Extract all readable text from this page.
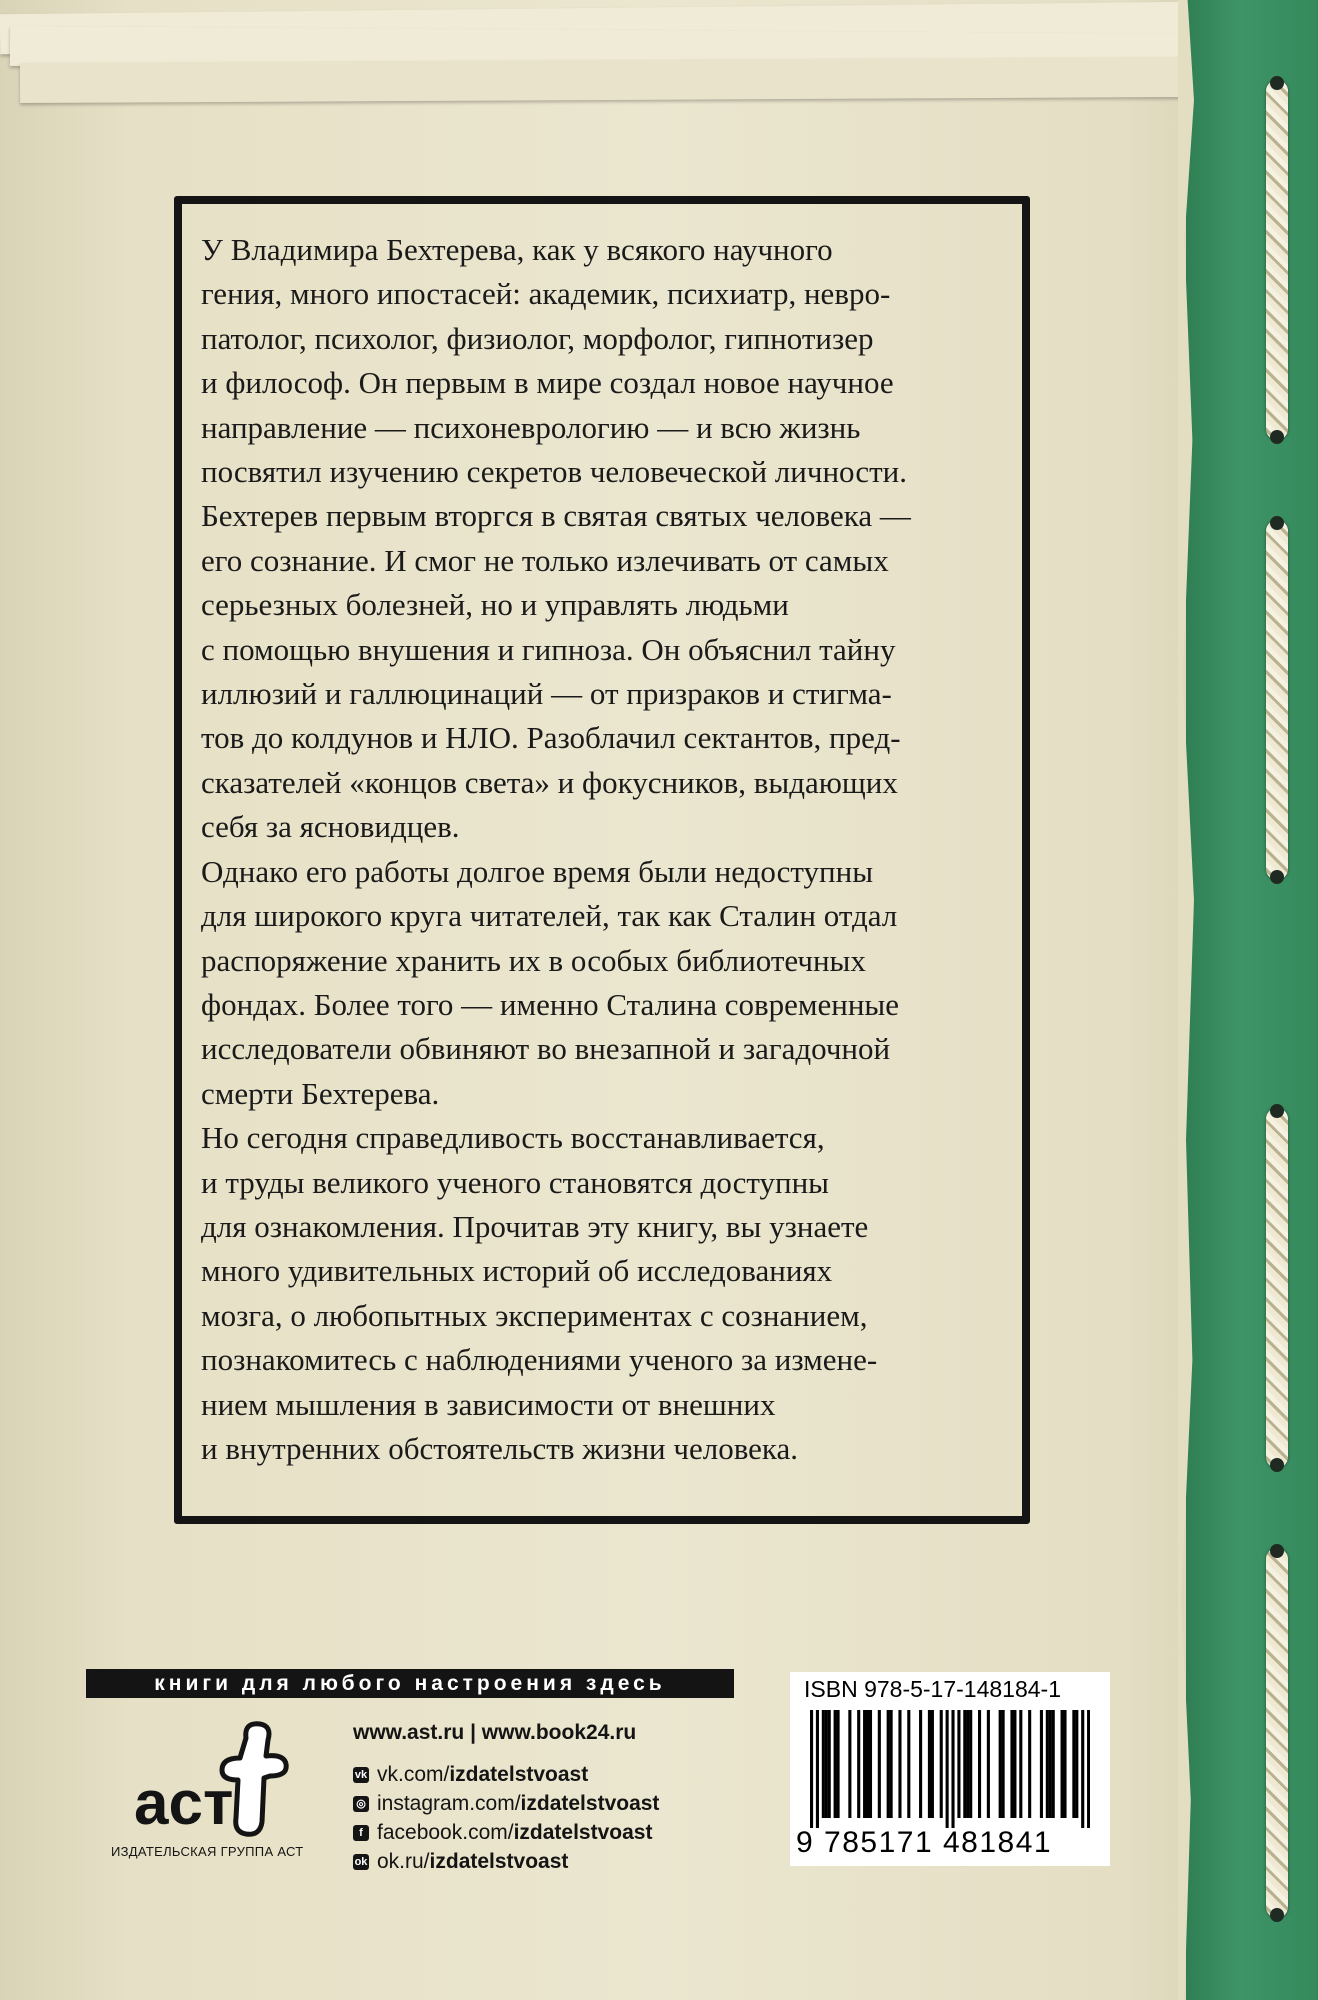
У Владимира Бехтерева, как у всякого научного
гения, много ипостасей: академик, психиатр, невро-
патолог, психолог, физиолог, морфолог, гипнотизер
и философ. Он первым в мире создал новое научное
направление — психоневрологию — и всю жизнь
посвятил изучению секретов человеческой личности.

Бехтерев первым вторгся в святая святых человека —
его сознание. И смог не только излечивать от самых
серьезных болезней, но и управлять людьми
с помощью внушения и гипноза. Он объяснил тайну
иллюзий и галлюцинаций — от призраков и стигма-
тов до колдунов и НЛО. Разоблачил сектантов, пред-
сказателей «концов света» и фокусников, выдающих
себя за ясновидцев.

Однако его работы долгое время были недоступны
для широкого круга читателей, так как Сталин отдал
распоряжение хранить их в особых библиотечных
фондах. Более того — именно Сталина современные
исследователи обвиняют во внезапной и загадочной
смерти Бехтерева.

Но сегодня справедливость восстанавливается,
и труды великого ученого становятся доступны
для ознакомления. Прочитав эту книгу, вы узнаете
много удивительных историй об исследованиях
мозга, о любопытных экспериментах с сознанием,
познакомитесь с наблюдениями ученого за изменe-
нием мышления в зависимости от внешних
и внутренних обстоятельств жизни человека.

книги для любого настроения здесь
аст
ИЗДАТЕЛЬСКАЯ ГРУППА АСТ
www.ast.ru | www.book24.ru
vk vk.com/izdatelstvoast
◎ instagram.com/izdatelstvoast
f facebook.com/izdatelstvoast
ok ok.ru/izdatelstvoast
ISBN 978-5-17-148184-1
9 785171 481841
